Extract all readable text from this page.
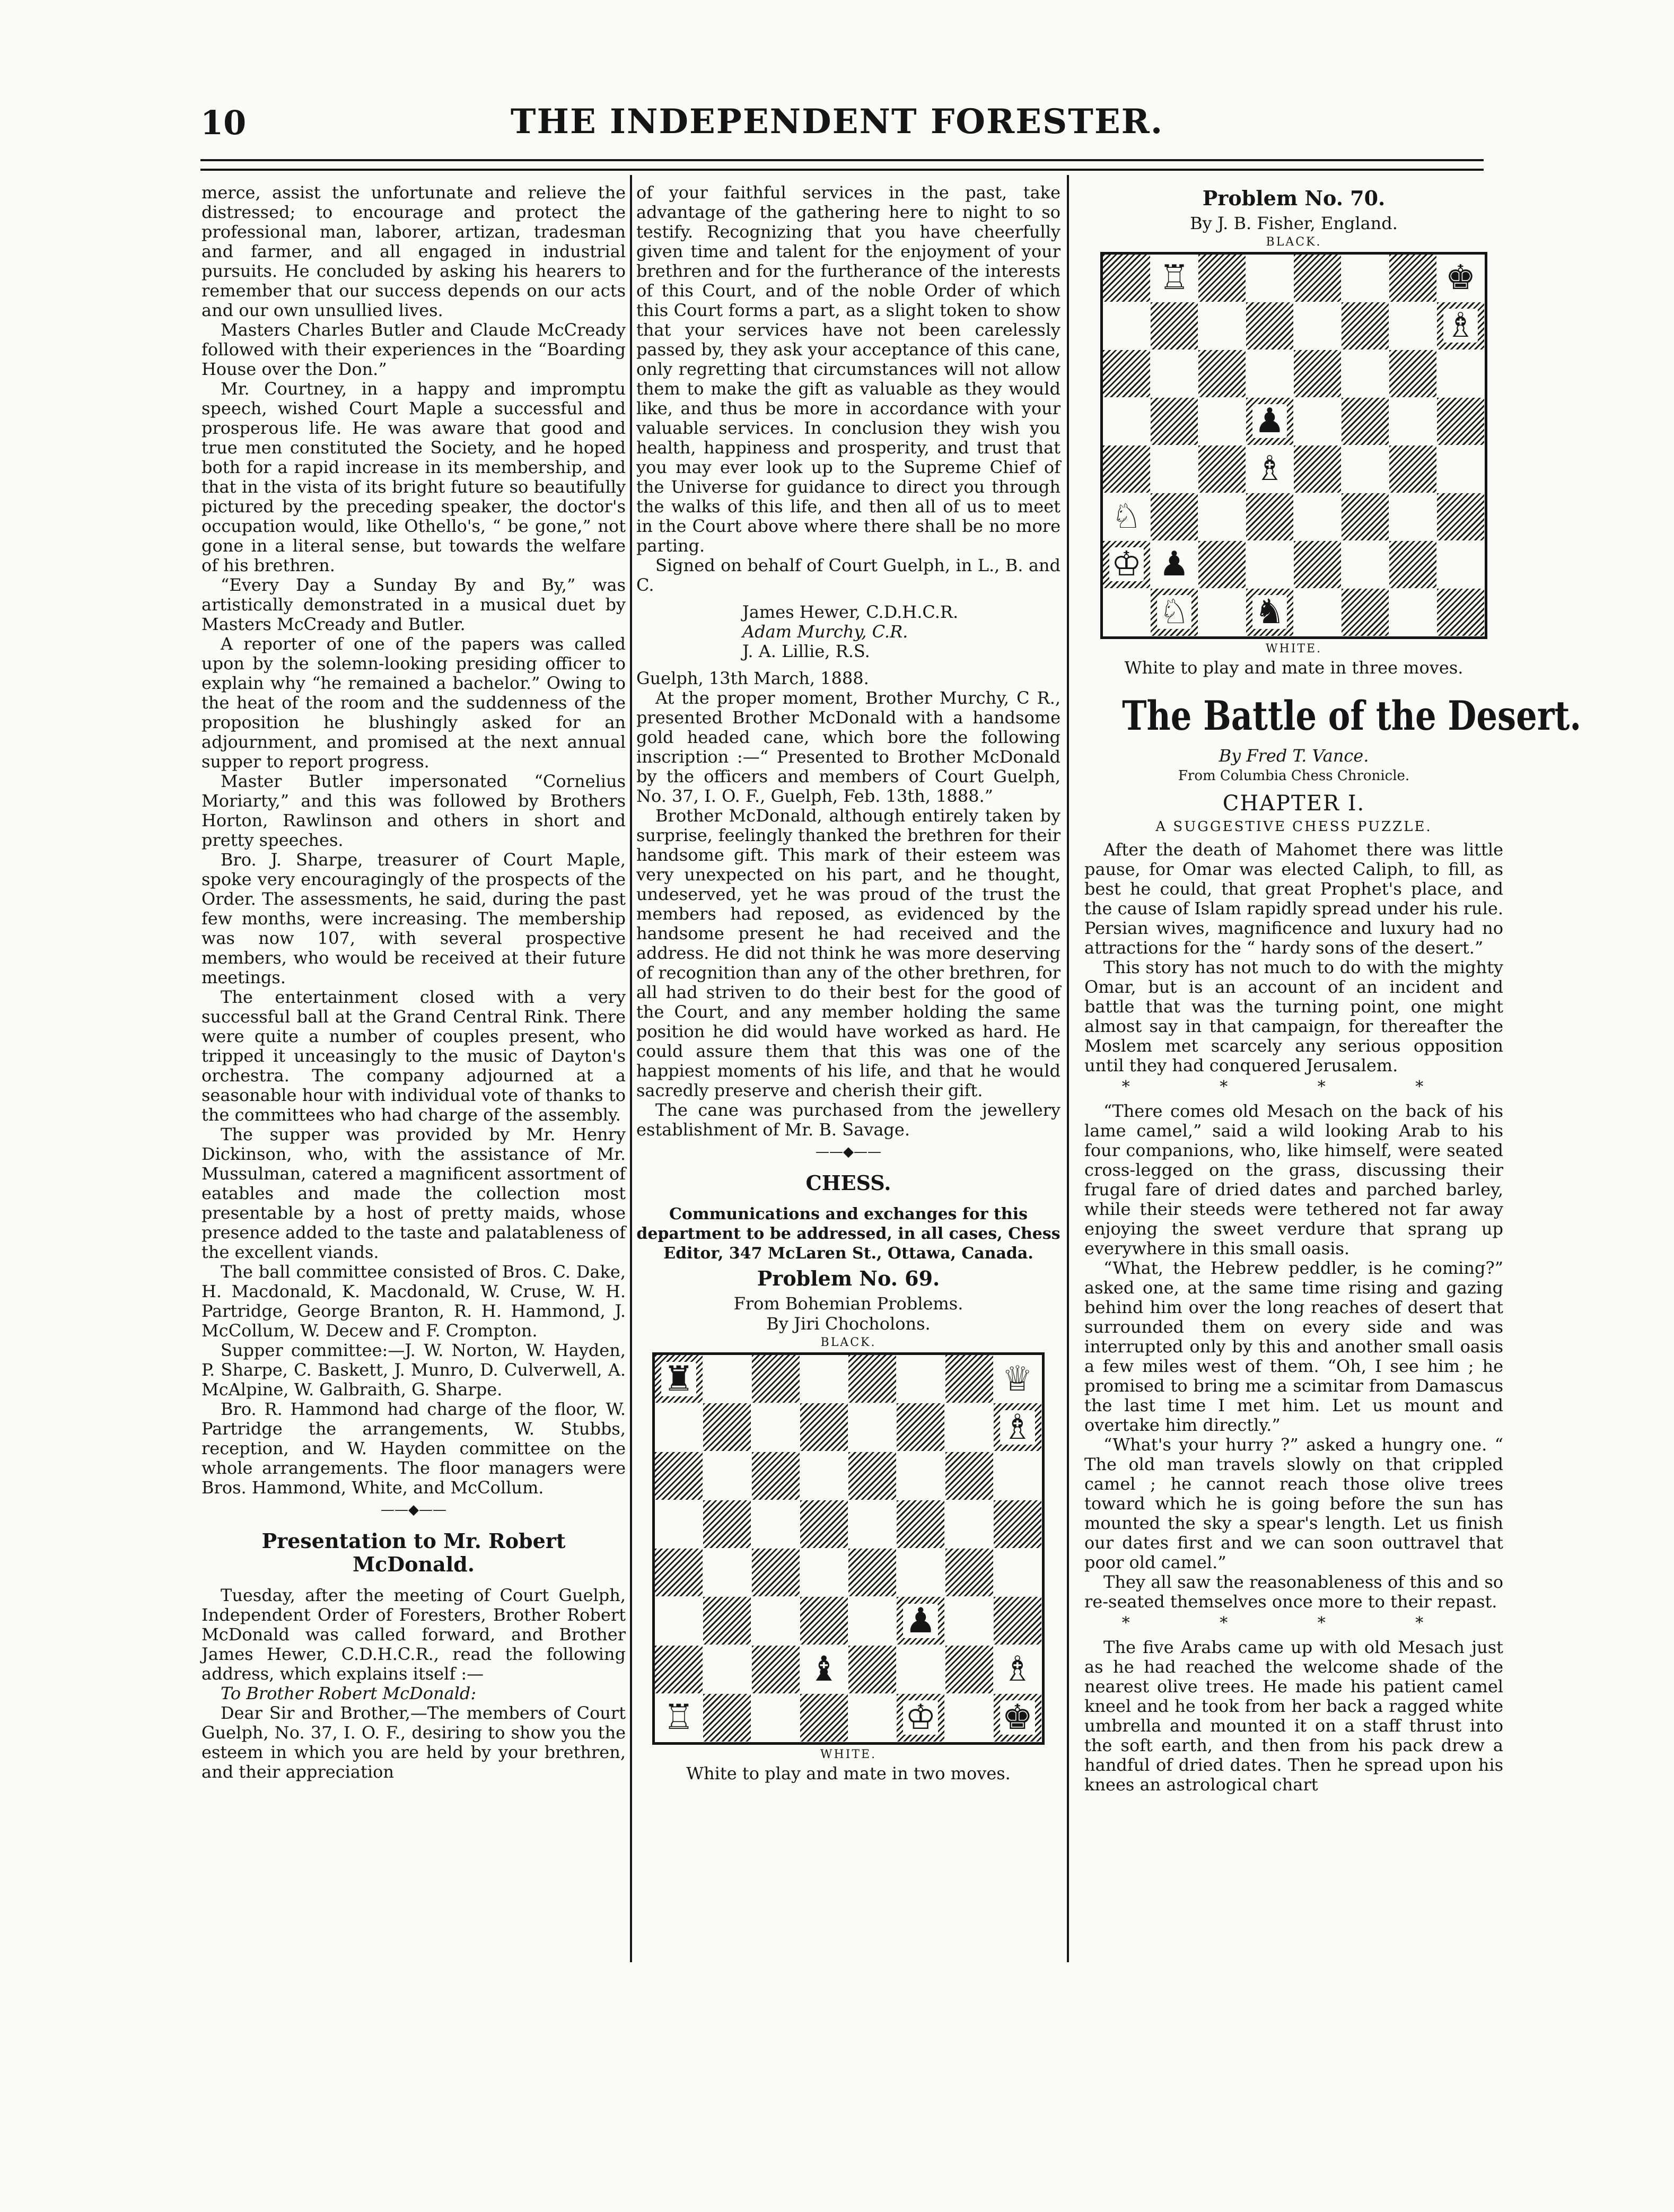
10	THE INDEPENDENT FORESTER.

merce, assist the unfortunate and relieve the distressed; to encourage and protect the professional man, laborer, artizan, tradesman and farmer, and all engaged in industrial pursuits. He concluded by asking his hearers to remember that our success depends on our acts and our own unsullied lives.

Masters Charles Butler and Claude McCready followed with their experiences in the “Boarding House over the Don.”

Mr. Courtney, in a happy and impromptu speech, wished Court Maple a successful and prosperous life. He was aware that good and true men constituted the Society, and he hoped both for a rapid increase in its membership, and that in the vista of its bright future so beautifully pictured by the preceding speaker, the doctor's occupation would, like Othello's, “ be gone,” not gone in a literal sense, but towards the welfare of his brethren.

“Every Day a Sunday By and By,” was artistically demonstrated in a musical duet by Masters McCready and Butler.

A reporter of one of the papers was called upon by the solemn-looking presiding officer to explain why “he remained a bachelor.” Owing to the heat of the room and the suddenness of the proposition he blushingly asked for an adjournment, and promised at the next annual supper to report progress.

Master Butler impersonated “Cornelius Moriarty,” and this was followed by Brothers Horton, Rawlinson and others in short and pretty speeches.

Bro. J. Sharpe, treasurer of Court Maple, spoke very encouragingly of the prospects of the Order. The assessments, he said, during the past few months, were increasing. The membership was now 107, with several prospective members, who would be received at their future meetings.

The entertainment closed with a very successful ball at the Grand Central Rink. There were quite a number of couples present, who tripped it unceasingly to the music of Dayton's orchestra. The company adjourned at a seasonable hour with individual vote of thanks to the committees who had charge of the assembly.

The supper was provided by Mr. Henry Dickinson, who, with the assistance of Mr. Mussulman, catered a magnificent assortment of eatables and made the collection most presentable by a host of pretty maids, whose presence added to the taste and palatableness of the excellent viands.

The ball committee consisted of Bros. C. Dake, H. Macdonald, K. Macdonald, W. Cruse, W. H. Partridge, George Branton, R. H. Hammond, J. McCollum, W. Decew and F. Crompton.

Supper committee:—J. W. Norton, W. Hayden, P. Sharpe, C. Baskett, J. Munro, D. Culverwell, A. McAlpine, W. Galbraith, G. Sharpe.

Bro. R. Hammond had charge of the floor, W. Partridge the arrangements, W. Stubbs, reception, and W. Hayden committee on the whole arrangements. The floor managers were Bros. Hammond, White, and McCollum.

——◆——
Presentation to Mr. Robert McDonald.

Tuesday, after the meeting of Court Guelph, Independent Order of Foresters, Brother Robert McDonald was called forward, and Brother James Hewer, C.D.H.C.R., read the following address, which explains itself :—

To Brother Robert McDonald:

Dear Sir and Brother,—The members of Court Guelph, No. 37, I. O. F., desiring to show you the esteem in which you are held by your brethren, and their appreciation

of your faithful services in the past, take advantage of the gathering here to night to so testify. Recognizing that you have cheerfully given time and talent for the enjoyment of your brethren and for the furtherance of the interests of this Court, and of the noble Order of which this Court forms a part, as a slight token to show that your services have not been carelessly passed by, they ask your acceptance of this cane, only regretting that circumstances will not allow them to make the gift as valuable as they would like, and thus be more in accordance with your valuable services. In conclusion they wish you health, happiness and prosperity, and trust that you may ever look up to the Supreme Chief of the Universe for guidance to direct you through the walks of this life, and then all of us to meet in the Court above where there shall be no more parting.

Signed on behalf of Court Guelph, in L., B. and C.

James Hewer, C.D.H.C.R.
Adam Murchy, C.R.
J. A. Lillie, R.S.

Guelph, 13th March, 1888.

At the proper moment, Brother Murchy, C R., presented Brother McDonald with a handsome gold headed cane, which bore the following inscription :—“ Presented to Brother McDonald by the officers and members of Court Guelph, No. 37, I. O. F., Guelph, Feb. 13th, 1888.”

Brother McDonald, although entirely taken by surprise, feelingly thanked the brethren for their handsome gift. This mark of their esteem was very unexpected on his part, and he thought, undeserved, yet he was proud of the trust the members had reposed, as evidenced by the handsome present he had received and the address. He did not think he was more deserving of recognition than any of the other brethren, for all had striven to do their best for the good of the Court, and any member holding the same position he did would have worked as hard. He could assure them that this was one of the happiest moments of his life, and that he would sacredly preserve and cherish their gift.

The cane was purchased from the jewellery establishment of Mr. B. Savage.

——◆——
CHESS.

Communications and exchanges for this department to be addressed, in all cases, Chess Editor, 347 McLaren St., Ottawa, Canada.

Problem No. 69.
From Bohemian Problems.
By Jiri Chocholons.
BLACK.
♜	♕
♗
♟
♝	♗
♖	♔ ♚
WHITE.
White to play and mate in two moves.
Problem No. 70.
By J. B. Fisher, England.
BLACK.
♖	♚
♗
♟
♗
♘
♔ ♟
♘ ♞
WHITE.
White to play and mate in three moves.
The Battle of the Desert.
By Fred T. Vance.
From Columbia Chess Chronicle.
CHAPTER I.
A SUGGESTIVE CHESS PUZZLE.

After the death of Mahomet there was little pause, for Omar was elected Caliph, to fill, as best he could, that great Prophet's place, and the cause of Islam rapidly spread under his rule. Persian wives, magnificence and luxury had no attractions for the “ hardy sons of the desert.”

This story has not much to do with the mighty Omar, but is an account of an incident and battle that was the turning point, one might almost say in that campaign, for thereafter the Moslem met scarcely any serious opposition until they had conquered Jerusalem.

* * * *

“There comes old Mesach on the back of his lame camel,” said a wild looking Arab to his four companions, who, like himself, were seated cross-legged on the grass, discussing their frugal fare of dried dates and parched barley, while their steeds were tethered not far away enjoying the sweet verdure that sprang up everywhere in this small oasis.

“What, the Hebrew peddler, is he coming?” asked one, at the same time rising and gazing behind him over the long reaches of desert that surrounded them on every side and was interrupted only by this and another small oasis a few miles west of them. “Oh, I see him ; he promised to bring me a scimitar from Damascus the last time I met him. Let us mount and overtake him directly.”

“What's your hurry ?” asked a hungry one. “ The old man travels slowly on that crippled camel ; he cannot reach those olive trees toward which he is going before the sun has mounted the sky a spear's length. Let us finish our dates first and we can soon outtravel that poor old camel.”

They all saw the reasonableness of this and so re-seated themselves once more to their repast.

* * * *

The five Arabs came up with old Mesach just as he had reached the welcome shade of the nearest olive trees. He made his patient camel kneel and he took from her back a ragged white umbrella and mounted it on a staff thrust into the soft earth, and then from his pack drew a handful of dried dates. Then he spread upon his knees an astrological chart
